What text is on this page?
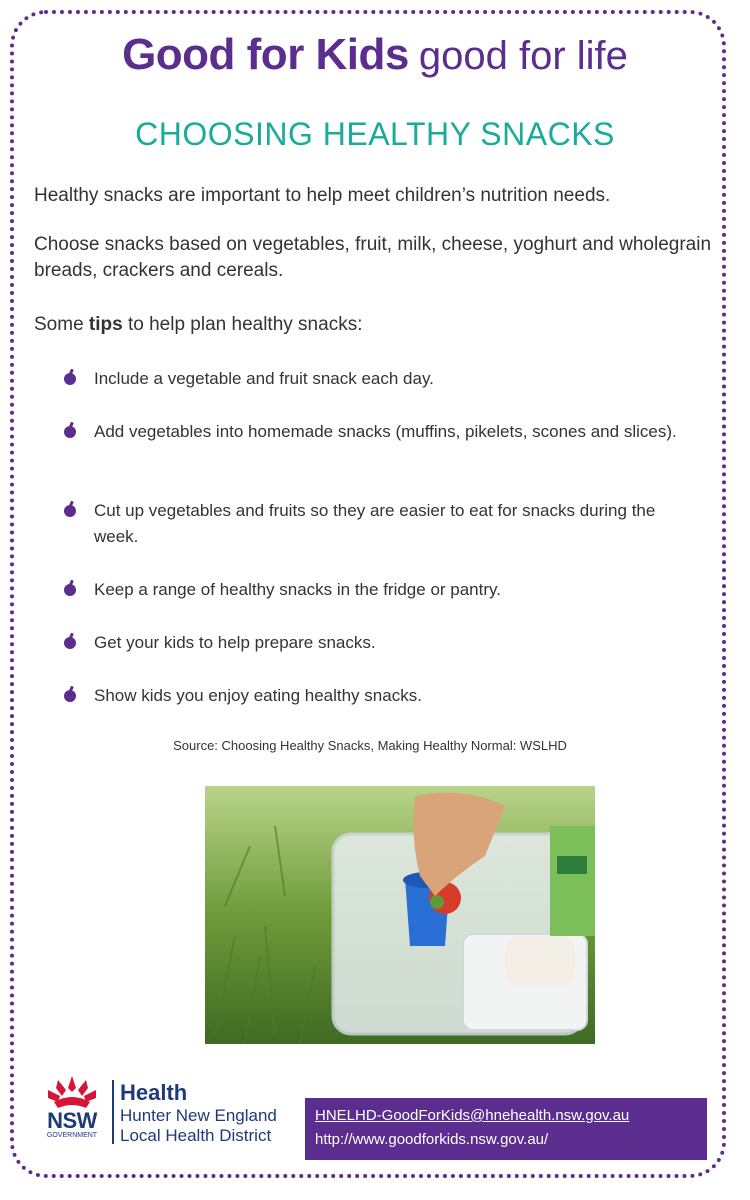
Good for Kids good for life
CHOOSING HEALTHY SNACKS
Healthy snacks are important to help meet children’s nutrition needs.
Choose snacks based on vegetables, fruit, milk, cheese, yoghurt and wholegrain breads, crackers and cereals.
Some tips to help plan healthy snacks:
Include a vegetable and fruit snack each day.
Add vegetables into homemade snacks (muffins, pikelets, scones and slices).
Cut up vegetables and fruits so they are easier to eat for snacks during the week.
Keep a range of healthy snacks in the fridge or pantry.
Get your kids to help prepare snacks.
Show kids you enjoy eating healthy snacks.
Source: Choosing Healthy Snacks, Making Healthy Normal: WSLHD
NSW
GOVERNMENT
Health
Hunter New England
Local Health District
HNELHD-GoodForKids@hnehealth.nsw.gov.au
http://www.goodforkids.nsw.gov.au/
